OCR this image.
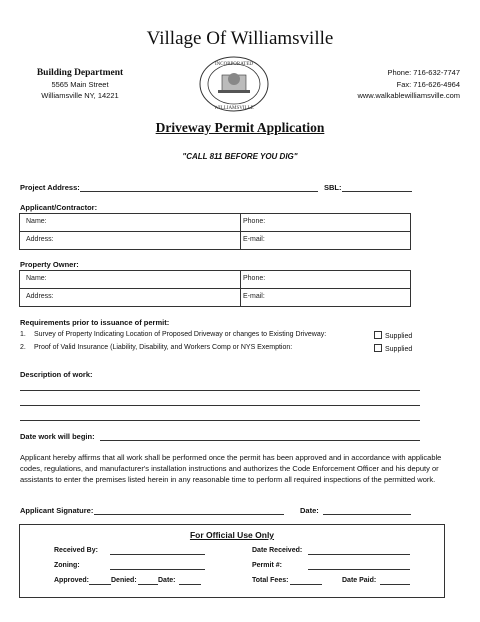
Village Of Williamsville
Building Department
5565 Main Street
Williamsville NY, 14221
INCORPORATED
WILLIAMSVILLE
Phone: 716-632-7747
Fax: 716-626-4964
www.walkablewilliamsville.com
Driveway Permit Application
"CALL 811 BEFORE YOU DIG"
Project Address:	SBL:
Applicant/Contractor:
Name:	Phone:
Address:	E-mail:
Property Owner:
Name:	Phone:
Address:	E-mail:
Requirements prior to issuance of permit:
1. Survey of Property Indicating Location of Proposed Driveway or changes to Existing Driveway:	Supplied
2. Proof of Valid Insurance (Liability, Disability, and Workers Comp or NYS Exemption:	Supplied
Description of work:
Date work will begin:
Applicant hereby affirms that all work shall be performed once the permit has been approved and in accordance with applicable codes, regulations, and manufacturer's installation instructions and authorizes the Code Enforcement Officer and his deputy or assistants to enter the premises listed herein in any reasonable time to perform all required inspections of the permitted work.
Applicant Signature:	Date:
For Official Use Only
Received By:	Date Received:
Zoning:	Permit #:
Approved:	Denied:	Date:	Total Fees:	Date Paid:
